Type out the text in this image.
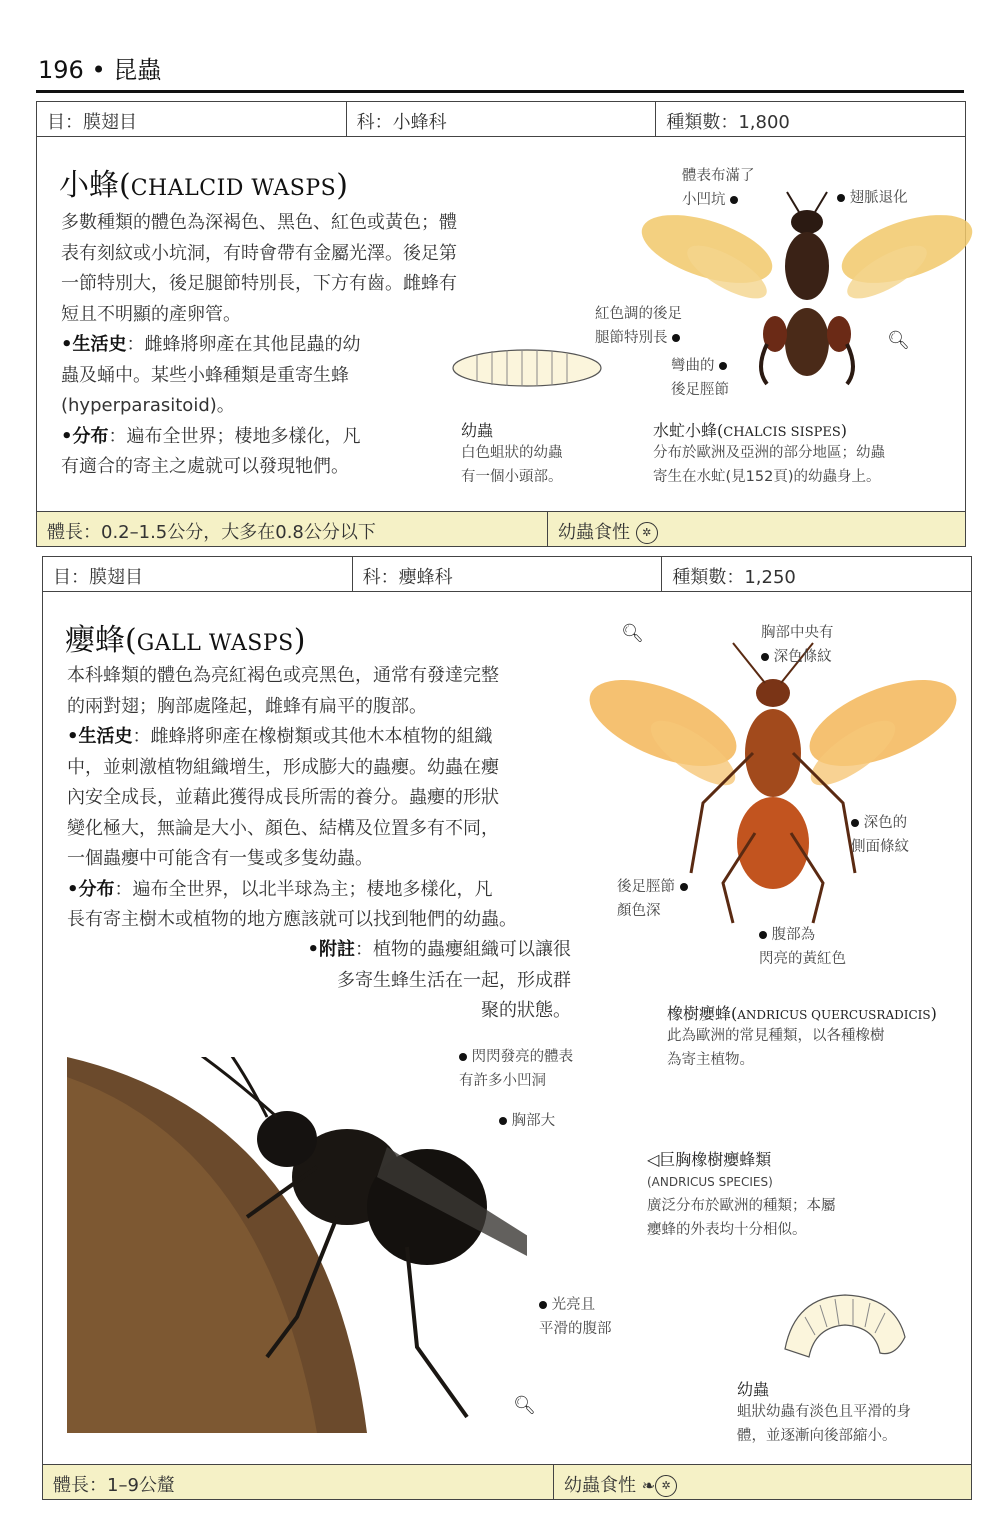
196 • 昆蟲
目：膜翅目	科：小蜂科	種類數：1,800
小蜂(CHALCID WASPS)
多數種類的體色為深褐色、黑色、紅色或黃色；體
表有刻紋或小坑洞，有時會帶有金屬光澤。後足第
一節特別大，後足腿節特別長，下方有齒。雌蜂有
短且不明顯的產卵管。
•生活史：雌蜂將卵產在其他昆蟲的幼
蟲及蛹中。某些小蜂種類是重寄生蜂
(hyperparasitoid)。
•分布：遍布全世界；棲地多樣化，凡
有適合的寄主之處就可以發現牠們。
幼蟲
白色蛆狀的幼蟲
有一個小頭部。
體表布滿了
小凹坑	翅脈退化
紅色調的後足
腿節特別長
彎曲的
後足脛節
🔍︎
水虻小蜂(CHALCIS SISPES)
分布於歐洲及亞洲的部分地區；幼蟲
寄生在水虻(見152頁)的幼蟲身上。
體長：0.2–1.5公分，大多在0.8公分以下	幼蟲食性 ✲
目：膜翅目	科：癭蜂科	種類數：1,250
癭蜂(GALL WASPS)
本科蜂類的體色為亮紅褐色或亮黑色，通常有發達完整
的兩對翅；胸部處隆起，雌蜂有扁平的腹部。
•生活史：雌蜂將卵產在橡樹類或其他木本植物的組織
中，並刺激植物組織增生，形成膨大的蟲癭。幼蟲在癭
內安全成長，並藉此獲得成長所需的養分。蟲癭的形狀
變化極大，無論是大小、顏色、結構及位置多有不同，
一個蟲癭中可能含有一隻或多隻幼蟲。
•分布：遍布全世界，以北半球為主；棲地多樣化，凡
長有寄主樹木或植物的地方應該就可以找到牠們的幼蟲。
•附註：植物的蟲癭組織可以讓很
多寄生蜂生活在一起，形成群
聚的狀態。
🔍︎	胸部中央有
深色條紋
深色的
側面條紋
後足脛節
顏色深
腹部為
閃亮的黃紅色
橡樹癭蜂(ANDRICUS QUERCUSRADICIS)
此為歐洲的常見種類，以各種橡樹
為寄主植物。
🔍︎
閃閃發亮的體表
有許多小凹洞
胸部大
光亮且
平滑的腹部
◁巨胸橡樹癭蜂類
(ANDRICUS SPECIES)
廣泛分布於歐洲的種類；本屬
癭蜂的外表均十分相似。
幼蟲
蛆狀幼蟲有淡色且平滑的身
體，並逐漸向後部縮小。
體長：1–9公釐	幼蟲食性 ❧ ✲
